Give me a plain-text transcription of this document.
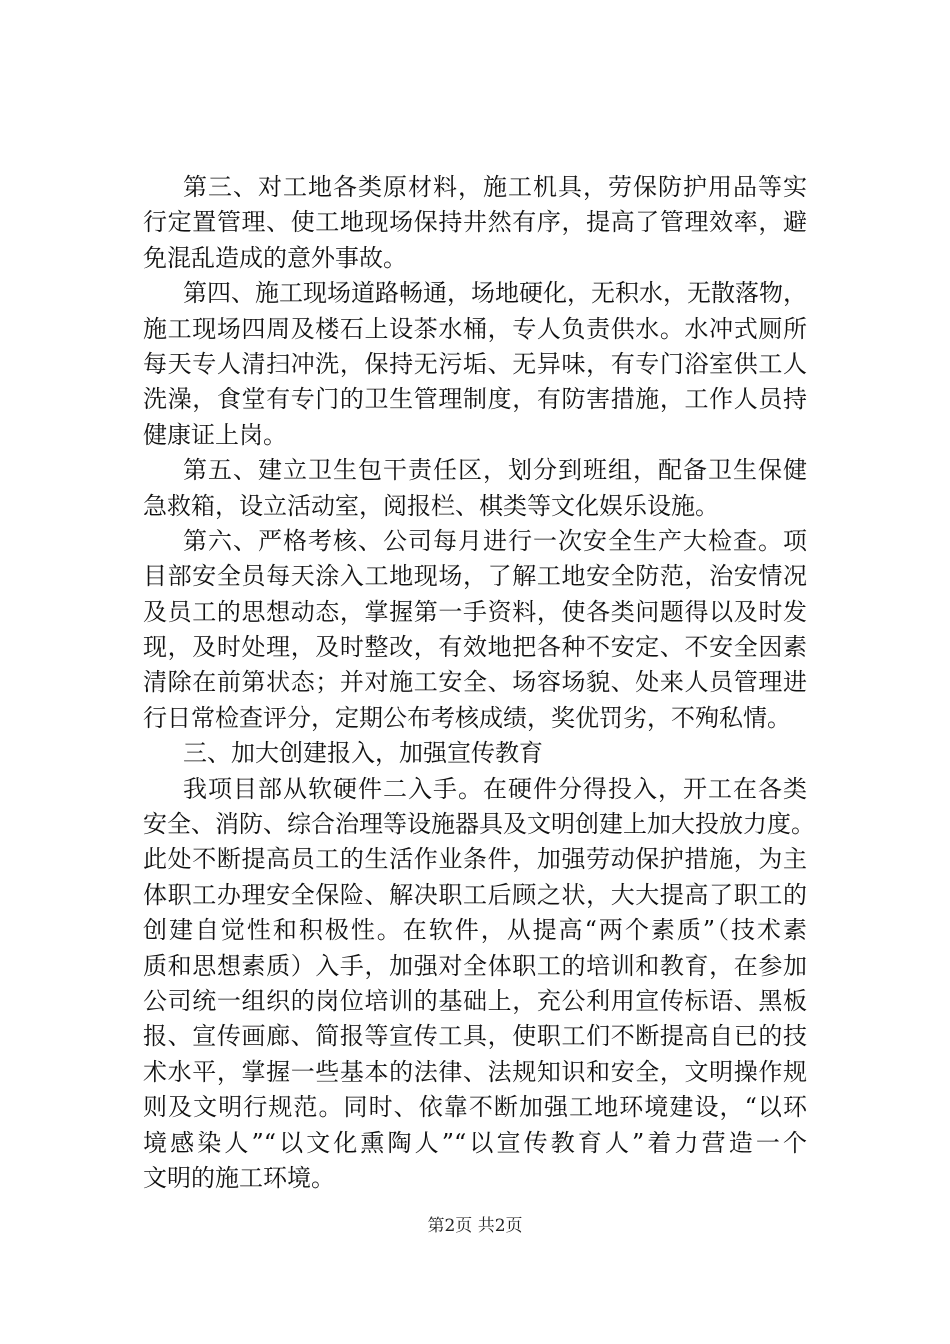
第三、对工地各类原材料，施工机具，劳保防护用品等实
行定置管理、使工地现场保持井然有序，提高了管理效率，避
免混乱造成的意外事故。
第四、施工现场道路畅通，场地硬化，无积水，无散落物，
施工现场四周及楼石上设茶水桶，专人负责供水。水冲式厕所
每天专人清扫冲洗，保持无污垢、无异味，有专门浴室供工人
洗澡，食堂有专门的卫生管理制度，有防害措施，工作人员持
健康证上岗。
第五、建立卫生包干责任区，划分到班组，配备卫生保健
急救箱，设立活动室，阅报栏、棋类等文化娱乐设施。
第六、严格考核、公司每月进行一次安全生产大检查。项
目部安全员每天涂入工地现场，了解工地安全防范，治安情况
及员工的思想动态，掌握第一手资料，使各类问题得以及时发
现，及时处理，及时整改，有效地把各种不安定、不安全因素
清除在前第状态；并对施工安全、场容场貌、处来人员管理进
行日常检查评分，定期公布考核成绩，奖优罚劣，不殉私情。
三、加大创建报入，加强宣传教育
我项目部从软硬件二入手。在硬件分得投入，开工在各类
安全、消防、综合治理等设施器具及文明创建上加大投放力度。
此处不断提高员工的生活作业条件，加强劳动保护措施，为主
体职工办理安全保险、解决职工后顾之状，大大提高了职工的
创建自觉性和积极性。在软件，从提高“两个素质”（技术素
质和思想素质）入手，加强对全体职工的培训和教育，在参加
公司统一组织的岗位培训的基础上，充公利用宣传标语、黑板
报、宣传画廊、简报等宣传工具，使职工们不断提高自已的技
术水平，掌握一些基本的法律、法规知识和安全，文明操作规
则及文明行规范。同时、依靠不断加强工地环境建设，“以环
境感染人”“以文化熏陶人”“以宣传教育人”着力营造一个
文明的施工环境。
第2页 共2页
